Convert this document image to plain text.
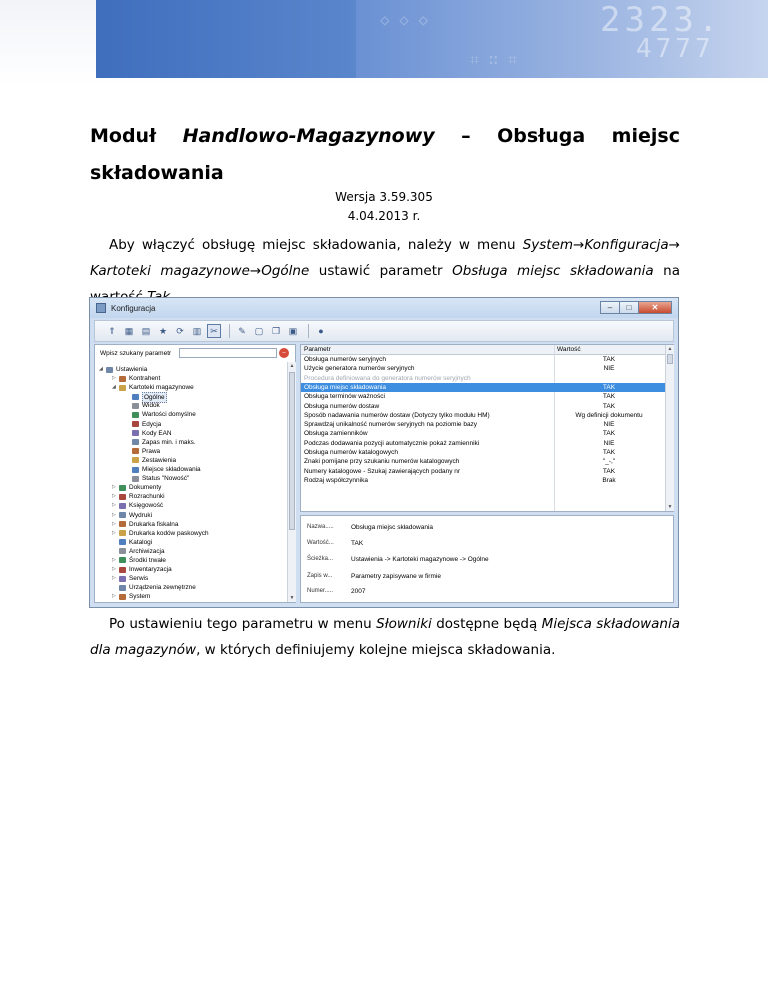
◇ ◇ ◇
⌗ ∷ ⌗
2323.
4777
Moduł Handlowo-Magazynowy – Obsługa miejsc
składowania
Wersja 3.59.305
4.04.2013 r.
Aby włączyć obsługę miejsc składowania, należy w menu System→Konfiguracja→ Kartoteki magazynowe→Ogólne ustawić parametr Obsługa miejsc składowania na
Konfiguracja	–	□	✕
⇑ ▦ ▤ ★	⟳ ▥ ✂	✎ ▢ ❐ ▣	●
Wpisz szukany parametr	–
◢ Ustawienia
▷ Kontrahent
◢ Kartoteki magazynowe
Ogólne
Widok
Wartości domyślne
Edycja
Kody EAN
Zapas min. i maks.
Prawa
Zestawienia
Miejsce składowania
Status "Nowość"
▷ Dokumenty
▷ Rozrachunki
▷ Księgowość
▷ Wydruki
▷ Drukarka fiskalna
▷ Drukarka kodów paskowych
Katalogi
Archiwizacja
▷ Środki trwałe
▷ Inwentaryzacja
▷ Serwis
Urządzenia zewnętrzne
▷ System
▲
▼
Parametr	Wartość
Obsługa numerów seryjnych	TAK
Użycie generatora numerów seryjnych	NIE
Procedura definiowana do generatora numerów seryjnych
Obsługa miejsc składowania	TAK
Obsługa terminów ważności	TAK
Obsługa numerów dostaw	TAK
Sposób nadawania numerów dostaw (Dotyczy tylko modułu HM)	Wg definicji dokumentu
Sprawdzaj unikalność numerów seryjnych na poziomie bazy	NIE
Obsługa zamienników	TAK
Podczas dodawania pozycji automatycznie pokaż zamienniki	NIE
Obsługa numerów katalogowych	TAK
Znaki pomijane przy szukaniu numerów katalogowych	"_-,"
Numery katalogowe - Szukaj zawierających podany nr	TAK
Rodzaj współczynnika	Brak
▲
▼
Nazwa.....	Obsługa miejsc składowania
Wartość...	TAK
Ścieżka...	Ustawienia -> Kartoteki magazynowe -> Ogólne
Zapis w...	Parametry zapisywane w firmie
Numer.....	2007
Po ustawieniu tego parametru w menu Słowniki dostępne będą Miejsca składowania dla magazynów, w których definiujemy kolejne miejsca składowania.
